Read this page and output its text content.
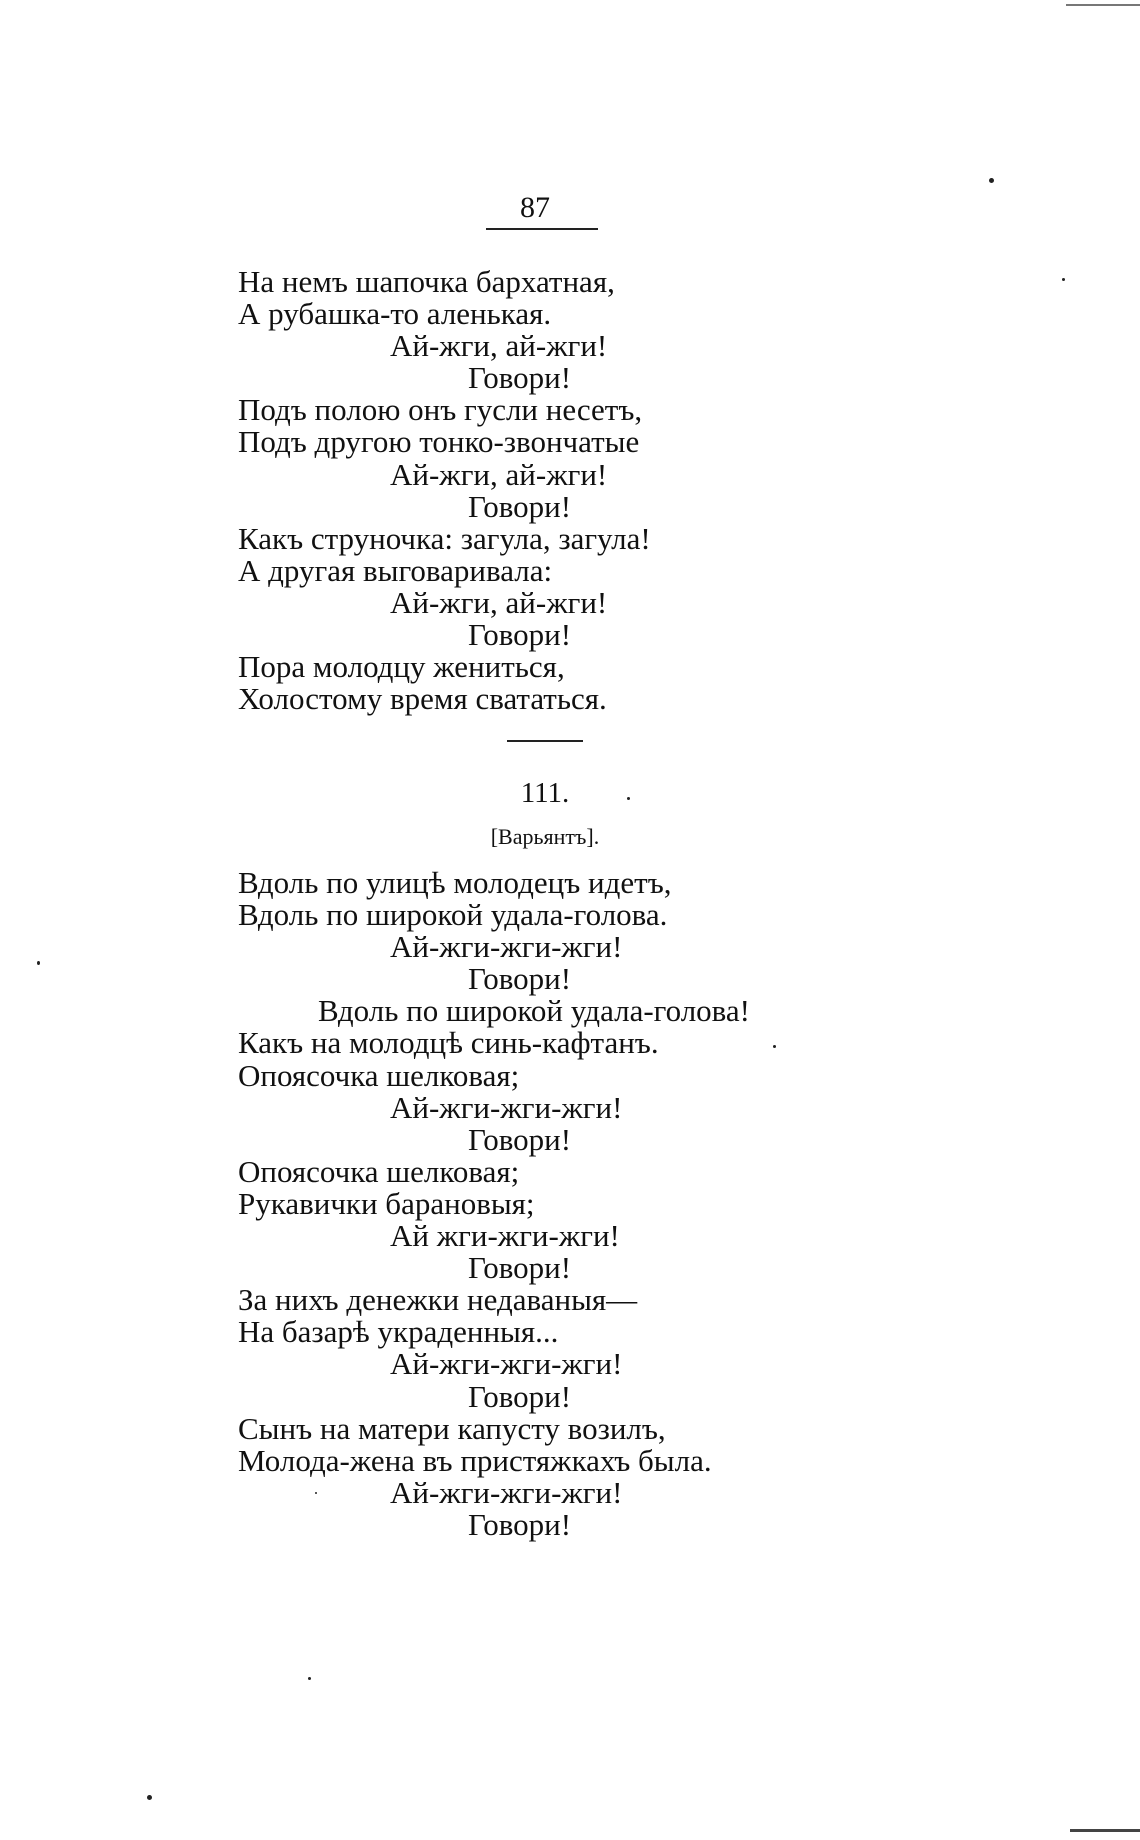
87
На немъ шапочка бархатная,
А рубашка-то аленькая.
Ай-жги, ай-жги!
Говори!
Подъ полою онъ гусли несетъ,
Подъ другою тонко-звончатые
Ай-жги, ай-жги!
Говори!
Какъ струночка: загула, загула!
А другая выговаривала:
Ай-жги, ай-жги!
Говори!
Пора молодцу жениться,
Холостому время свататься.
111.
[Варьянтъ].
Вдоль по улицѣ молодецъ идетъ,
Вдоль по широкой удала-голова.
Ай-жги-жги-жги!
Говори!
Вдоль по широкой удала-голова!
Какъ на молодцѣ синь-кафтанъ.
Опоясочка шелковая;
Ай-жги-жги-жги!
Говори!
Опоясочка шелковая;
Рукавички барановыя;
Ай жги-жги-жги!
Говори!
За нихъ денежки недаваныя—
На базарѣ украденныя...
Ай-жги-жги-жги!
Говори!
Сынъ на матери капусту возилъ,
Молода-жена въ пристяжкахъ была.
Ай-жги-жги-жги!
Говори!
